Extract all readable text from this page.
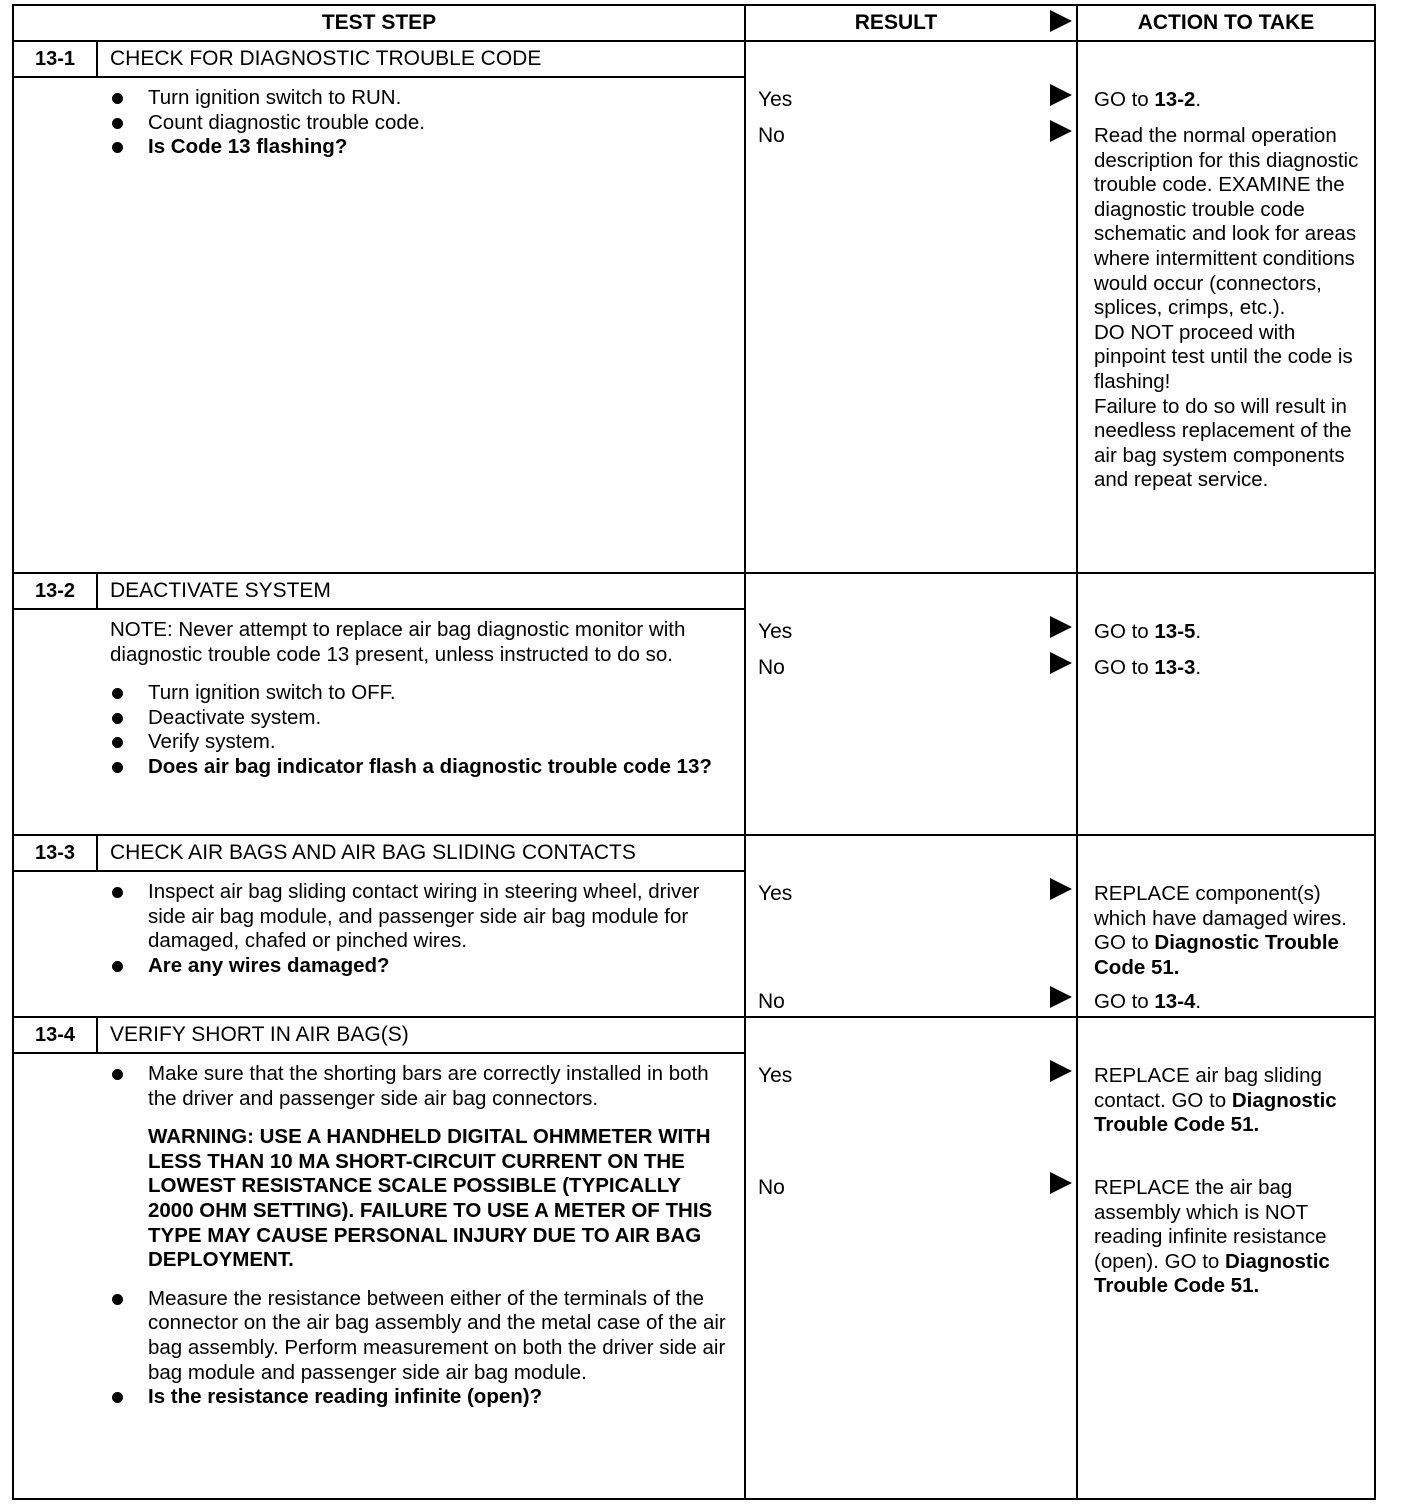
TEST STEP	RESULT	ACTION TO TAKE
13-1	CHECK FOR DIAGNOSTIC TROUBLE CODE
Turn ignition switch to RUN.
Count diagnostic trouble code.
Is Code 13 flashing?
Yes	GO to 13-2.
No	Read the normal operation description for this diagnostic trouble code. EXAMINE the diagnostic trouble code schematic and look for areas where intermittent conditions would occur (connectors, splices, crimps, etc.).
DO NOT proceed with pinpoint test until the code is flashing!
Failure to do so will result in needless replacement of the air bag system components and repeat service.
13-2	DEACTIVATE SYSTEM

NOTE: Never attempt to replace air bag diagnostic monitor with diagnostic trouble code 13 present, unless instructed to do so.

Turn ignition switch to OFF.
Deactivate system.
Verify system.
Does air bag indicator flash a diagnostic trouble code 13?
Yes	GO to 13-5.
No	GO to 13-3.
13-3	CHECK AIR BAGS AND AIR BAG SLIDING CONTACTS
Inspect air bag sliding contact wiring in steering wheel, driver side air bag module, and passenger side air bag module for damaged, chafed or pinched wires.
Are any wires damaged?
Yes	REPLACE component(s) which have damaged wires. GO to Diagnostic Trouble Code 51.
No	GO to 13-4.
13-4	VERIFY SHORT IN AIR BAG(S)
Make sure that the shorting bars are correctly installed in both the driver and passenger side air bag connectors.
WARNING: USE A HANDHELD DIGITAL OHMMETER WITH LESS THAN 10 MA SHORT-CIRCUIT CURRENT ON THE LOWEST RESISTANCE SCALE POSSIBLE (TYPICALLY 2000 OHM SETTING). FAILURE TO USE A METER OF THIS TYPE MAY CAUSE PERSONAL INJURY DUE TO AIR BAG DEPLOYMENT.
Measure the resistance between either of the terminals of the connector on the air bag assembly and the metal case of the air bag assembly. Perform measurement on both the driver side air bag module and passenger side air bag module.
Is the resistance reading infinite (open)?
Yes	REPLACE air bag sliding contact. GO to Diagnostic Trouble Code 51.
No	REPLACE the air bag assembly which is NOT reading infinite resistance (open). GO to Diagnostic Trouble Code 51.
